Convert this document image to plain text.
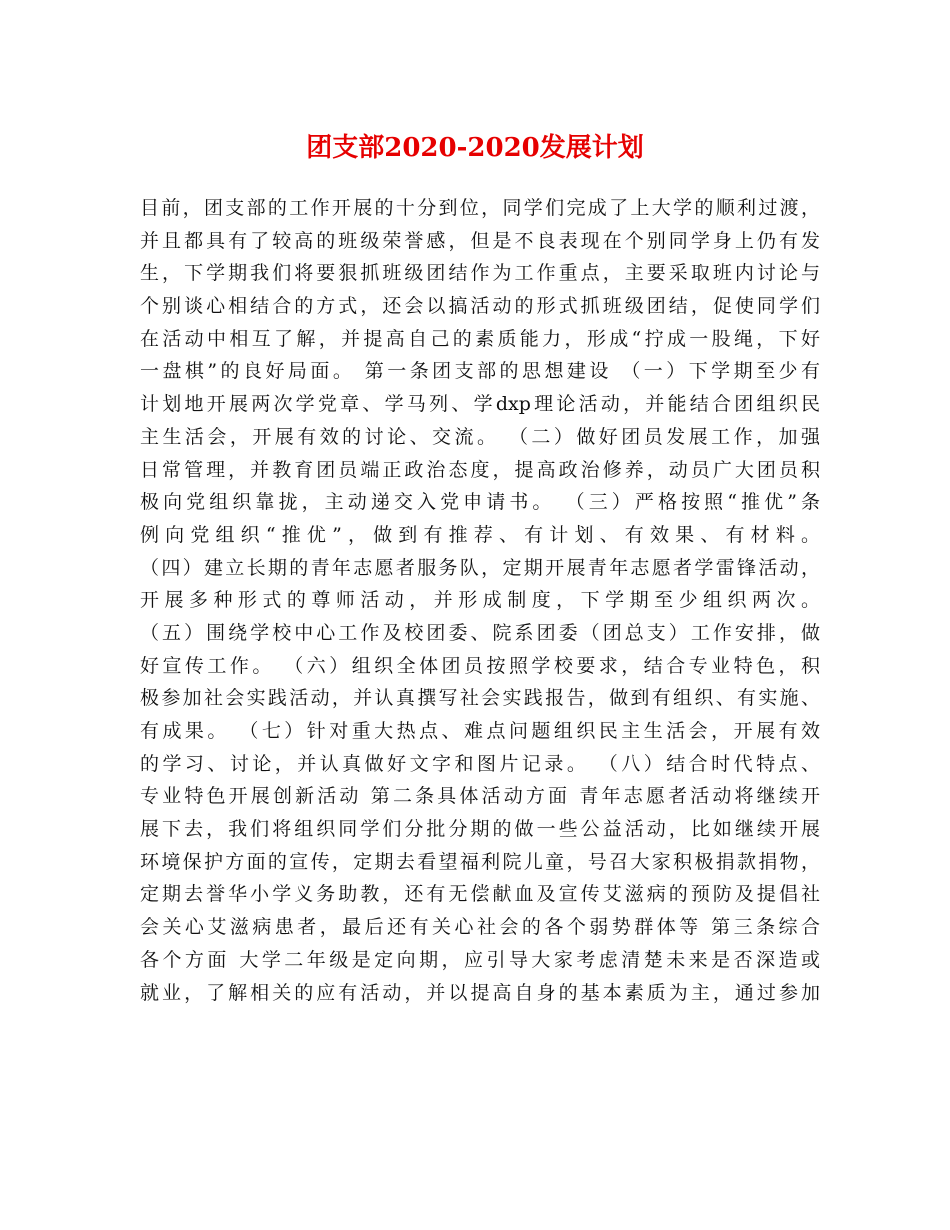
团支部2020-2020发展计划
目前，团支部的工作开展的十分到位，同学们完成了上大学的顺利过渡，
并且都具有了较高的班级荣誉感，但是不良表现在个别同学身上仍有发
生，下学期我们将要狠抓班级团结作为工作重点，主要采取班内讨论与
个别谈心相结合的方式，还会以搞活动的形式抓班级团结，促使同学们
在活动中相互了解，并提高自己的素质能力，形成“拧成一股绳，下好
一盘棋”的良好局面。 第一条团支部的思想建设 （一）下学期至少有
计划地开展两次学党章、学马列、学dxp理论活动，并能结合团组织民
主生活会，开展有效的讨论、交流。 （二）做好团员发展工作，加强
日常管理，并教育团员端正政治态度，提高政治修养，动员广大团员积
极向党组织靠拢，主动递交入党申请书。 （三）严格按照“推优”条
例向党组织“推优”，做到有推荐、有计划、有效果、有材料。
（四）建立长期的青年志愿者服务队，定期开展青年志愿者学雷锋活动，
开展多种形式的尊师活动，并形成制度，下学期至少组织两次。
（五）围绕学校中心工作及校团委、院系团委（团总支）工作安排，做
好宣传工作。 （六）组织全体团员按照学校要求，结合专业特色，积
极参加社会实践活动，并认真撰写社会实践报告，做到有组织、有实施、
有成果。 （七）针对重大热点、难点问题组织民主生活会，开展有效
的学习、讨论，并认真做好文字和图片记录。 （八）结合时代特点、
专业特色开展创新活动 第二条具体活动方面 青年志愿者活动将继续开
展下去，我们将组织同学们分批分期的做一些公益活动，比如继续开展
环境保护方面的宣传，定期去看望福利院儿童，号召大家积极捐款捐物，
定期去誉华小学义务助教，还有无偿献血及宣传艾滋病的预防及提倡社
会关心艾滋病患者，最后还有关心社会的各个弱势群体等 第三条综合
各个方面 大学二年级是定向期，应引导大家考虑清楚未来是否深造或
就业，了解相关的应有活动，并以提高自身的基本素质为主，通过参加
